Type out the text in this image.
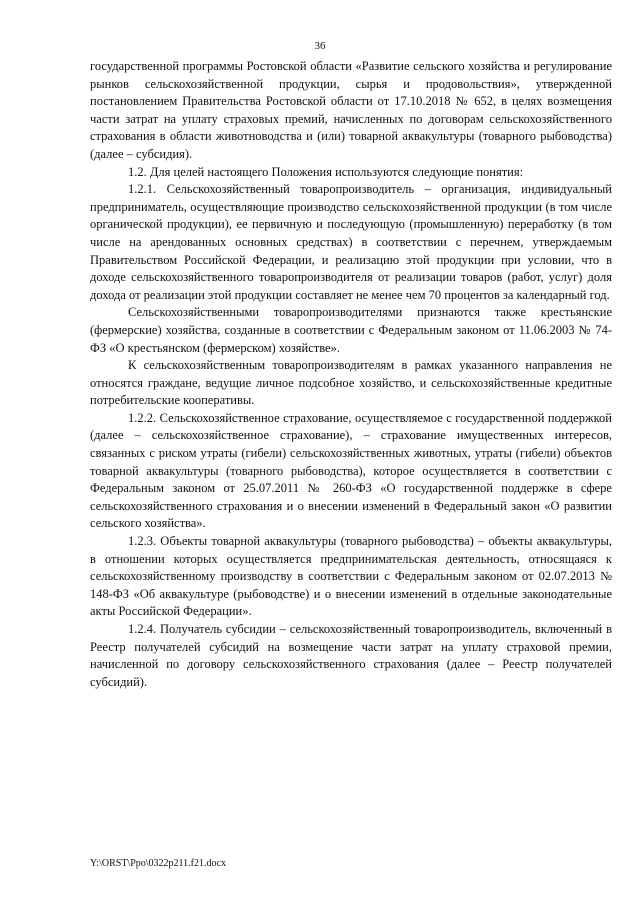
36

государственной программы Ростовской области «Развитие сельского хозяйства и регулирование рынков сельскохозяйственной продукции, сырья и продовольствия», утвержденной постановлением Правительства Ростовской области от 17.10.2018 № 652, в целях возмещения части затрат на уплату страховых премий, начисленных по договорам сельскохозяйственного страхования в области животноводства и (или) товарной аквакультуры (товарного рыбоводства) (далее – субсидия).

1.2. Для целей настоящего Положения используются следующие понятия:

1.2.1. Сельскохозяйственный товаропроизводитель – организация, индивидуальный предприниматель, осуществляющие производство сельскохозяйственной продукции (в том числе органической продукции), ее первичную и последующую (промышленную) переработку (в том числе на арендованных основных средствах) в соответствии с перечнем, утверждаемым Правительством Российской Федерации, и реализацию этой продукции при условии, что в доходе сельскохозяйственного товаропроизводителя от реализации товаров (работ, услуг) доля дохода от реализации этой продукции составляет не менее чем 70 процентов за календарный год.

Сельскохозяйственными товаропроизводителями признаются также крестьянские (фермерские) хозяйства, созданные в соответствии с Федеральным законом от 11.06.2003 № 74-ФЗ «О крестьянском (фермерском) хозяйстве».

К сельскохозяйственным товаропроизводителям в рамках указанного направления не относятся граждане, ведущие личное подсобное хозяйство, и сельскохозяйственные кредитные потребительские кооперативы.

1.2.2. Сельскохозяйственное страхование, осуществляемое с государственной поддержкой (далее – сельскохозяйственное страхование), – страхование имущественных интересов, связанных с риском утраты (гибели) сельскохозяйственных животных, утраты (гибели) объектов товарной аквакультуры (товарного рыбоводства), которое осуществляется в соответствии с Федеральным законом от 25.07.2011 № 260-ФЗ «О государственной поддержке в сфере сельскохозяйственного страхования и о внесении изменений в Федеральный закон «О развитии сельского хозяйства».

1.2.3. Объекты товарной аквакультуры (товарного рыбоводства) – объекты аквакультуры, в отношении которых осуществляется предпринимательская деятельность, относящаяся к сельскохозяйственному производству в соответствии с Федеральным законом от 02.07.2013 № 148-ФЗ «Об аквакультуре (рыбоводстве) и о внесении изменений в отдельные законодательные акты Российской Федерации».

1.2.4. Получатель субсидии – сельскохозяйственный товаропроизводитель, включенный в Реестр получателей субсидий на возмещение части затрат на уплату страховой премии, начисленной по договору сельскохозяйственного страхования (далее – Реестр получателей субсидий).

Y:\ORST\Ppo\0322p211.f21.docx
